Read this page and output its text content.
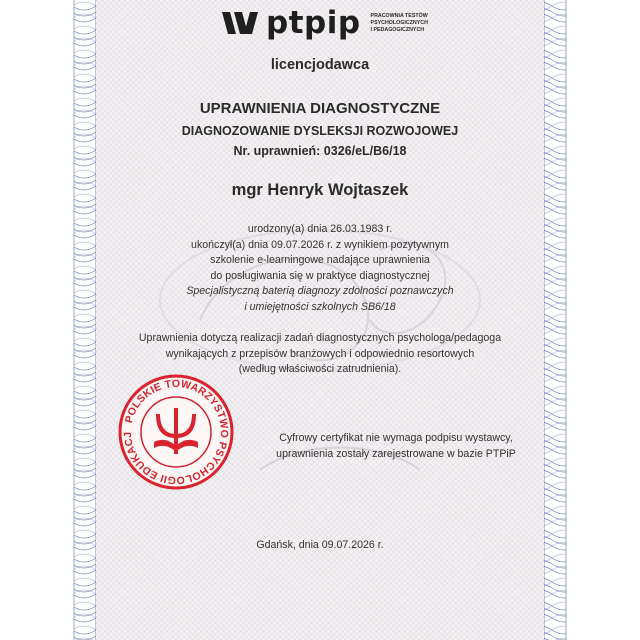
ptpip PRACOWNIA TESTÓW
PSYCHOLOGICZNYCH
I PEDAGOGICZNYCH
licencjodawca
UPRAWNIENIA DIAGNOSTYCZNE
DIAGNOZOWANIE DYSLEKSJI ROZWOJOWEJ
Nr. uprawnień: 0326/eL/B6/18
mgr Henryk Wojtaszek
urodzony(a) dnia 26.03.1983 r.
ukończył(a) dnia 09.07.2026 r. z wynikiem pozytywnym
szkolenie e-learningowe nadające uprawnienia
do posługiwania się w praktyce diagnostycznej
Specjalistyczną baterią diagnozy zdolności poznawczych
i umiejętności szkolnych SB6/18
Uprawnienia dotyczą realizacji zadań diagnostycznych psychologa/pedagoga
wynikających z przepisów branżowych i odpowiednio resortowych
(według właściwości zatrudnienia).
POLSKIE TOWARZYSTWO PSYCHOLOGII EDUKACJ	Cyfrowy certyfikat nie wymaga podpisu wystawcy,
uprawnienia zostały zarejestrowane w bazie PTPiP
Gdańsk, dnia 09.07.2026 r.
